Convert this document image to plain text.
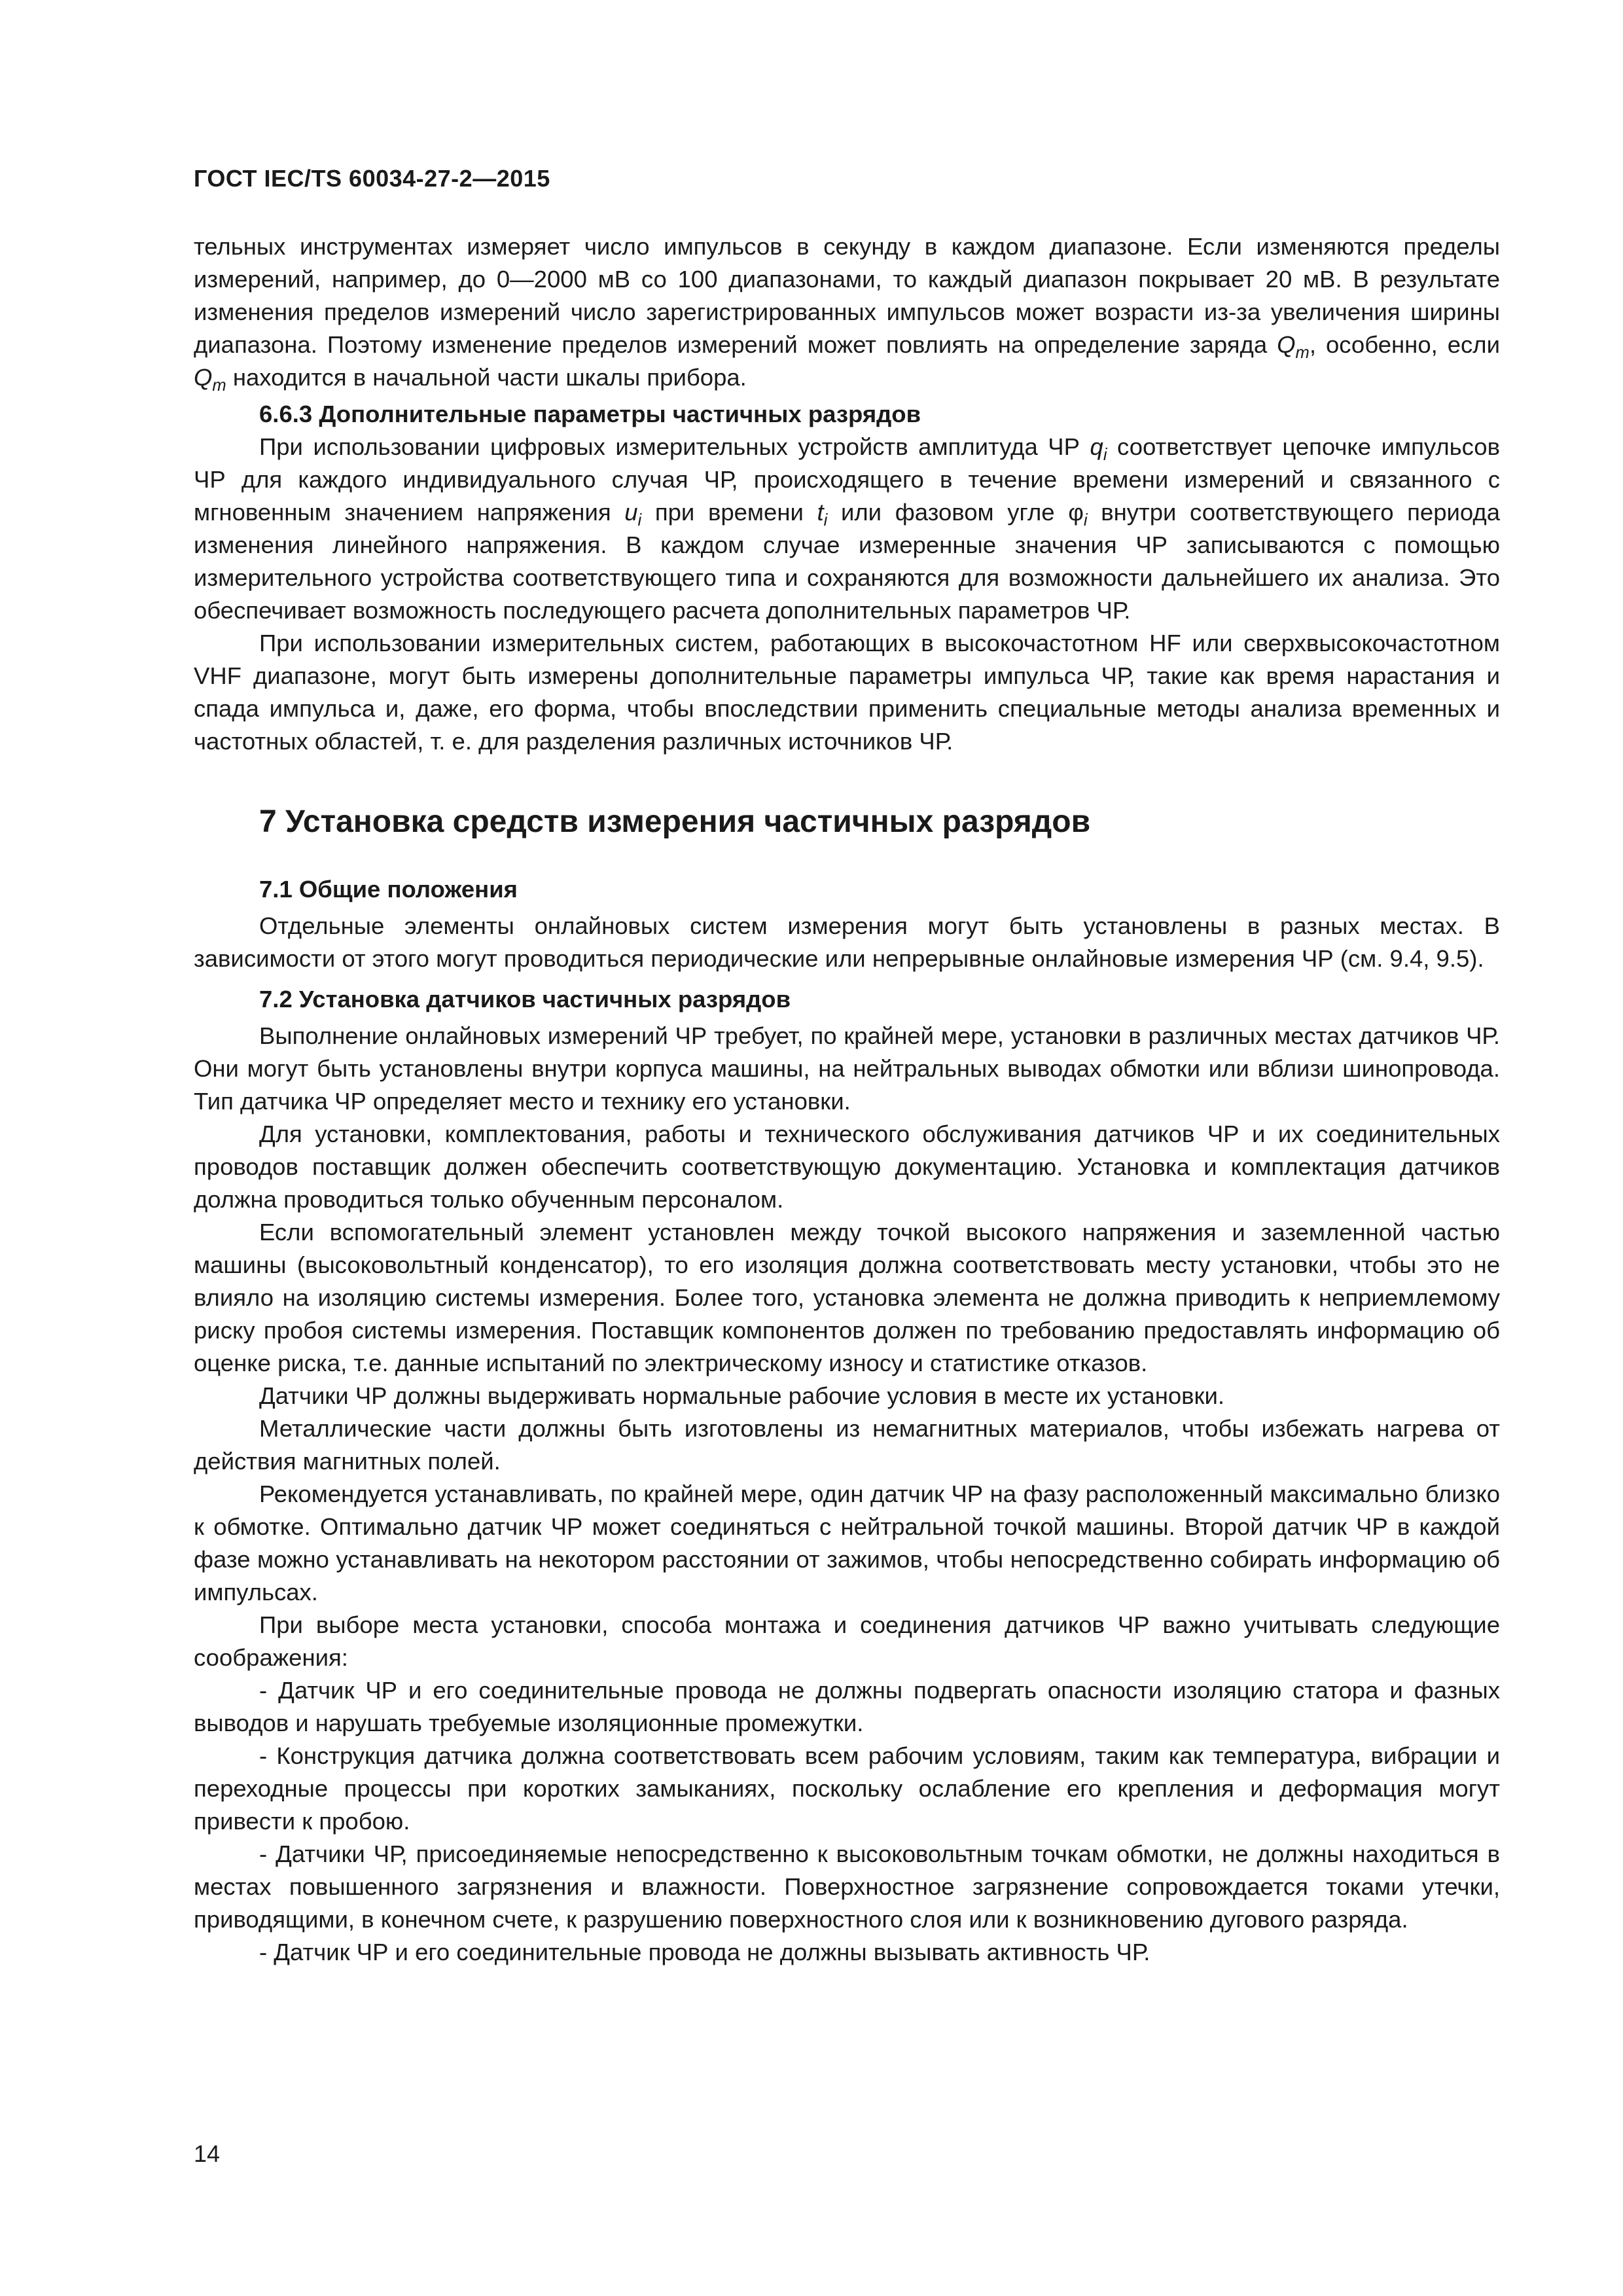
ГОСТ IEC/TS 60034-27-2—2015

тельных инструментах измеряет число импульсов в секунду в каждом диапазоне. Если изменяются пределы измерений, например, до 0—2000 мВ со 100 диапазонами, то каждый диапазон покрывает 20 мВ. В результате изменения пределов измерений число зарегистрированных импульсов может возрасти из-за увеличения ширины диапазона. Поэтому изменение пределов измерений может повлиять на определение заряда $Q_m$, особенно, если $Q_m$ находится в начальной части шкалы прибора.

6.6.3 Дополнительные параметры частичных разрядов

При использовании цифровых измерительных устройств амплитуда ЧР $q_i$ соответствует цепочке импульсов ЧР для каждого индивидуального случая ЧР, происходящего в течение времени измерений и связанного с мгновенным значением напряжения $u_i$ при времени $t_i$ или фазовом угле $\varphi_i$ внутри соответствующего периода изменения линейного напряжения. В каждом случае измеренные значения ЧР записываются с помощью измерительного устройства соответствующего типа и сохраняются для возможности дальнейшего их анализа. Это обеспечивает возможность последующего расчета дополнительных параметров ЧР.

При использовании измерительных систем, работающих в высокочастотном HF или сверхвысокочастотном VHF диапазоне, могут быть измерены дополнительные параметры импульса ЧР, такие как время нарастания и спада импульса и, даже, его форма, чтобы впоследствии применить специальные методы анализа временных и частотных областей, т. е. для разделения различных источников ЧР.

7 Установка средств измерения частичных разрядов
7.1 Общие положения

Отдельные элементы онлайновых систем измерения могут быть установлены в разных местах. В зависимости от этого могут проводиться периодические или непрерывные онлайновые измерения ЧР (см. 9.4, 9.5).

7.2 Установка датчиков частичных разрядов

Выполнение онлайновых измерений ЧР требует, по крайней мере, установки в различных местах датчиков ЧР. Они могут быть установлены внутри корпуса машины, на нейтральных выводах обмотки или вблизи шинопровода. Тип датчика ЧР определяет место и технику его установки.

Для установки, комплектования, работы и технического обслуживания датчиков ЧР и их соединительных проводов поставщик должен обеспечить соответствующую документацию. Установка и комплектация датчиков должна проводиться только обученным персоналом.

Если вспомогательный элемент установлен между точкой высокого напряжения и заземленной частью машины (высоковольтный конденсатор), то его изоляция должна соответствовать месту установки, чтобы это не влияло на изоляцию системы измерения. Более того, установка элемента не должна приводить к неприемлемому риску пробоя системы измерения. Поставщик компонентов должен по требованию предоставлять информацию об оценке риска, т.е. данные испытаний по электрическому износу и статистике отказов.

Датчики ЧР должны выдерживать нормальные рабочие условия в месте их установки.

Металлические части должны быть изготовлены из немагнитных материалов, чтобы избежать нагрева от действия магнитных полей.

Рекомендуется устанавливать, по крайней мере, один датчик ЧР на фазу расположенный максимально близко к обмотке. Оптимально датчик ЧР может соединяться с нейтральной точкой машины. Второй датчик ЧР в каждой фазе можно устанавливать на некотором расстоянии от зажимов, чтобы непосредственно собирать информацию об импульсах.

При выборе места установки, способа монтажа и соединения датчиков ЧР важно учитывать следующие соображения:

- Датчик ЧР и его соединительные провода не должны подвергать опасности изоляцию статора и фазных выводов и нарушать требуемые изоляционные промежутки.

- Конструкция датчика должна соответствовать всем рабочим условиям, таким как температура, вибрации и переходные процессы при коротких замыканиях, поскольку ослабление его крепления и деформация могут привести к пробою.

- Датчики ЧР, присоединяемые непосредственно к высоковольтным точкам обмотки, не должны находиться в местах повышенного загрязнения и влажности. Поверхностное загрязнение сопровождается токами утечки, приводящими, в конечном счете, к разрушению поверхностного слоя или к возникновению дугового разряда.

- Датчик ЧР и его соединительные провода не должны вызывать активность ЧР.

14
